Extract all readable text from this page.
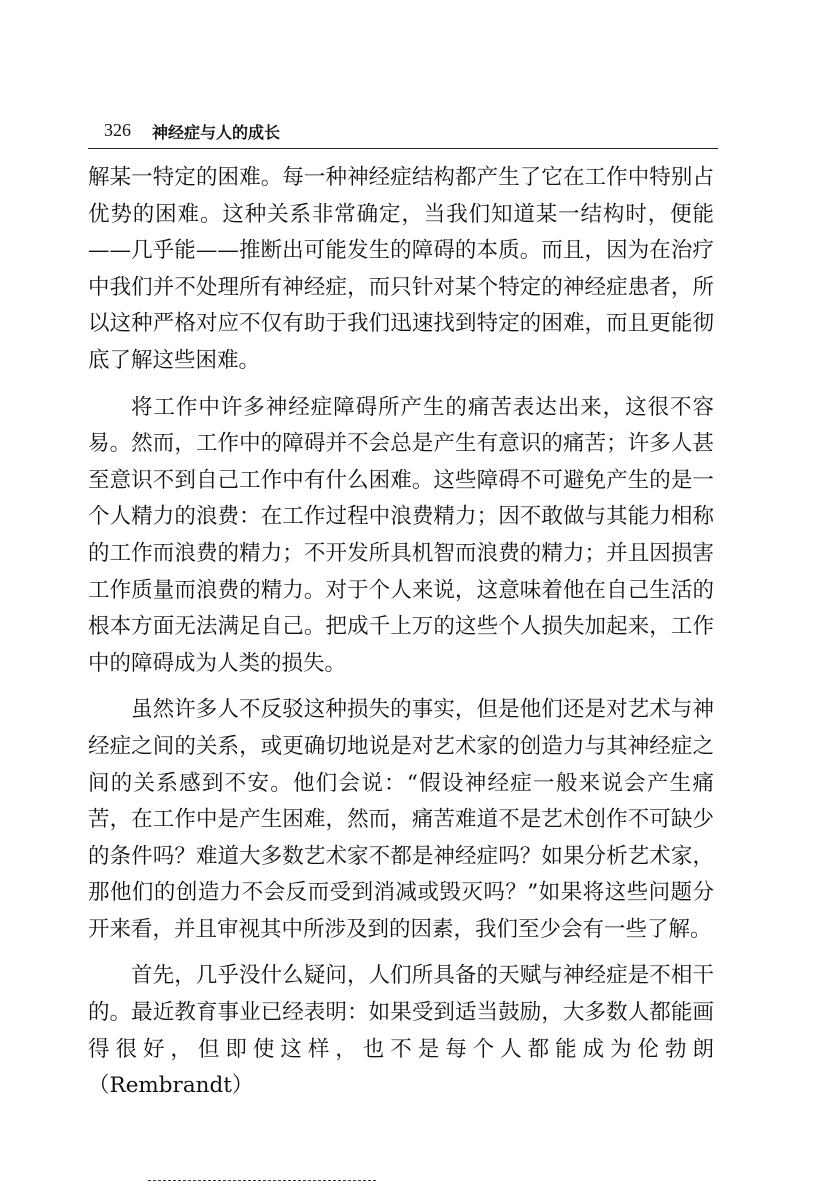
326 神经症与人的成长

解某一特定的困难。每一种神经症结构都产生了它在工作中特别占优势的困难。这种关系非常确定，当我们知道某一结构时，便能——几乎能——推断出可能发生的障碍的本质。而且，因为在治疗中我们并不处理所有神经症，而只针对某个特定的神经症患者，所以这种严格对应不仅有助于我们迅速找到特定的困难，而且更能彻底了解这些困难。

将工作中许多神经症障碍所产生的痛苦表达出来，这很不容易。然而，工作中的障碍并不会总是产生有意识的痛苦；许多人甚至意识不到自己工作中有什么困难。这些障碍不可避免产生的是一个人精力的浪费：在工作过程中浪费精力；因不敢做与其能力相称的工作而浪费的精力；不开发所具机智而浪费的精力；并且因损害工作质量而浪费的精力。对于个人来说，这意味着他在自己生活的根本方面无法满足自己。把成千上万的这些个人损失加起来，工作中的障碍成为人类的损失。

虽然许多人不反驳这种损失的事实，但是他们还是对艺术与神经症之间的关系，或更确切地说是对艺术家的创造力与其神经症之间的关系感到不安。他们会说：“假设神经症一般来说会产生痛苦，在工作中是产生困难，然而，痛苦难道不是艺术创作不可缺少的条件吗？难道大多数艺术家不都是神经症吗？如果分析艺术家，那他们的创造力不会反而受到消减或毁灭吗？”如果将这些问题分开来看，并且审视其中所涉及到的因素，我们至少会有一些了解。

首先，几乎没什么疑问，人们所具备的天赋与神经症是不相干的。最近教育事业已经表明：如果受到适当鼓励，大多数人都能画得很好，但即使这样，也不是每个人都能成为伦勃朗（Rembrandt）
